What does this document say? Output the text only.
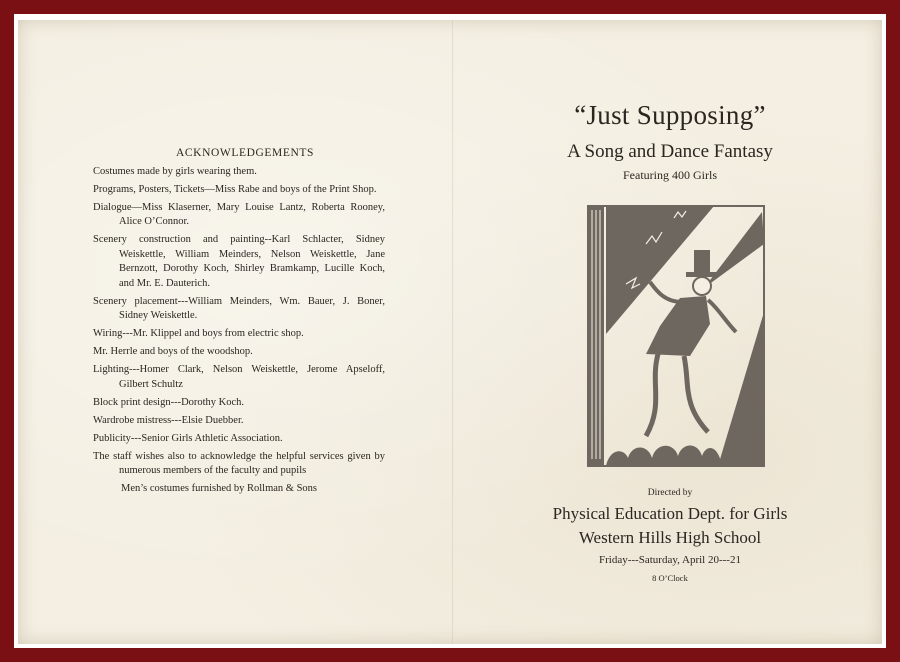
ACKNOWLEDGEMENTS
Costumes made by girls wearing them.
Programs, Posters, Tickets—Miss Rabe and boys of the Print Shop.
Dialogue—Miss Klaserner, Mary Louise Lantz, Roberta Rooney, Alice O’Connor.
Scenery construction and painting--Karl Schlacter, Sidney Weiskettle, William Meinders, Nelson Weiskettle, Jane Bernzott, Dorothy Koch, Shirley Bramkamp, Lucille Koch, and Mr. E. Dauterich.
Scenery placement---William Meinders, Wm. Bauer, J. Boner, Sidney Weiskettle.
Wiring---Mr. Klippel and boys from electric shop.
Mr. Herrle and boys of the woodshop.
Lighting---Homer Clark, Nelson Weiskettle, Jerome Apseloff, Gilbert Schultz
Block print design---Dorothy Koch.
Wardrobe mistress---Elsie Duebber.
Publicity---Senior Girls Athletic Association.
The staff wishes also to acknowledge the helpful services given by numerous members of the faculty and pupils
Men’s costumes furnished by Rollman & Sons
“Just Supposing”
A Song and Dance Fantasy
Featuring 400 Girls
Directed by
Physical Education Dept. for Girls
Western Hills High School
Friday---Saturday, April 20---21
8 O’Clock
